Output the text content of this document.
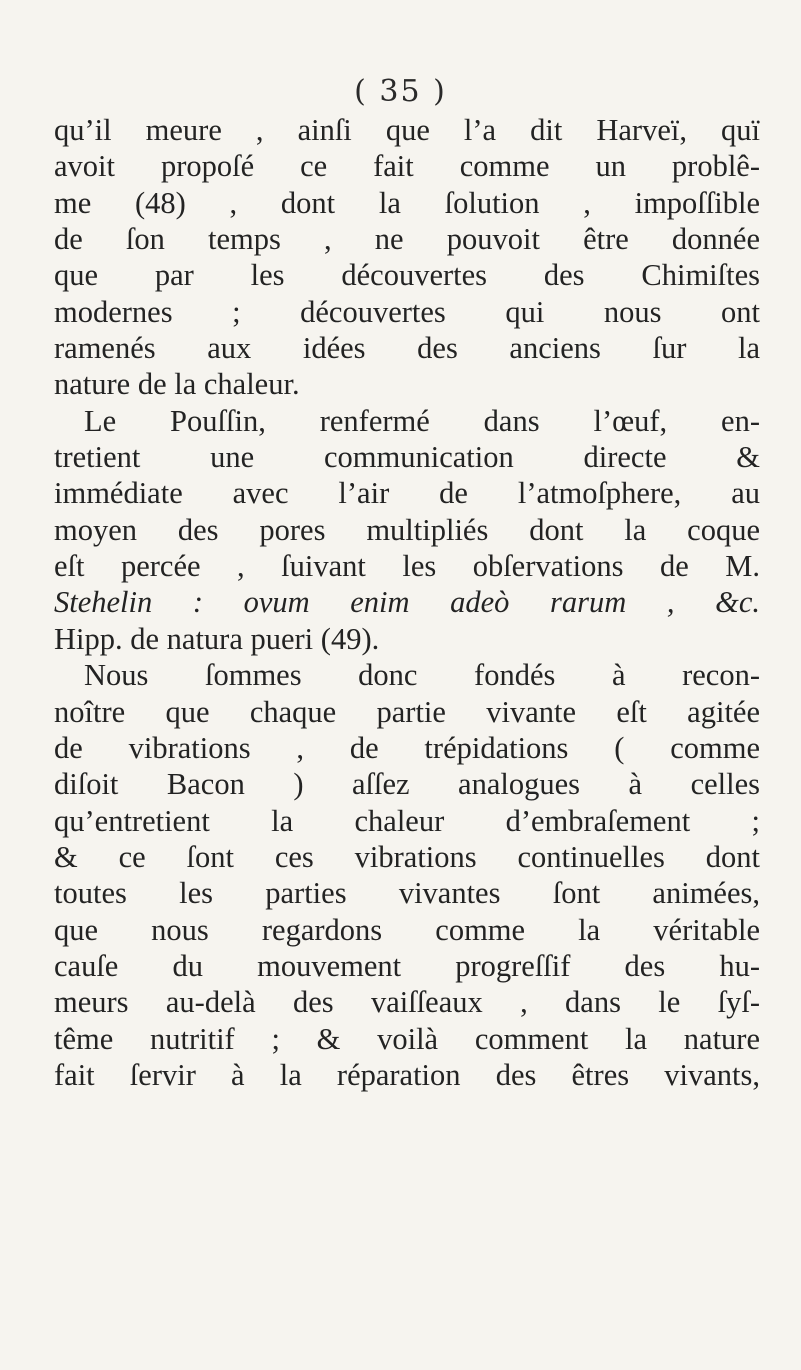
( 35 )
qu’il meure , ainſi que l’a dit Harveï, quï
avoit propoſé ce fait comme un problê-
me (48) , dont la ſolution , impoſſible
de ſon temps , ne pouvoit être donnée
que par les découvertes des Chimiſtes
modernes ; découvertes qui nous ont
ramenés aux idées des anciens ſur la
nature de la chaleur.
Le Pouſſin, renfermé dans l’œuf, en-
tretient une communication directe &
immédiate avec l’air de l’atmoſphere, au
moyen des pores multipliés dont la coque
eſt percée , ſuivant les obſervations de M.
Stehelin : ovum enim adeò rarum , &c.
Hipp. de natura pueri (49).
Nous ſommes donc fondés à recon-
noître que chaque partie vivante eſt agitée
de vibrations , de trépidations ( comme
diſoit Bacon ) aſſez analogues à celles
qu’entretient la chaleur d’embraſement ;
& ce ſont ces vibrations continuelles dont
toutes les parties vivantes ſont animées,
que nous regardons comme la véritable
cauſe du mouvement progreſſif des hu-
meurs au-delà des vaiſſeaux , dans le ſyſ-
tême nutritif ; & voilà comment la nature
fait ſervir à la réparation des êtres vivants,
